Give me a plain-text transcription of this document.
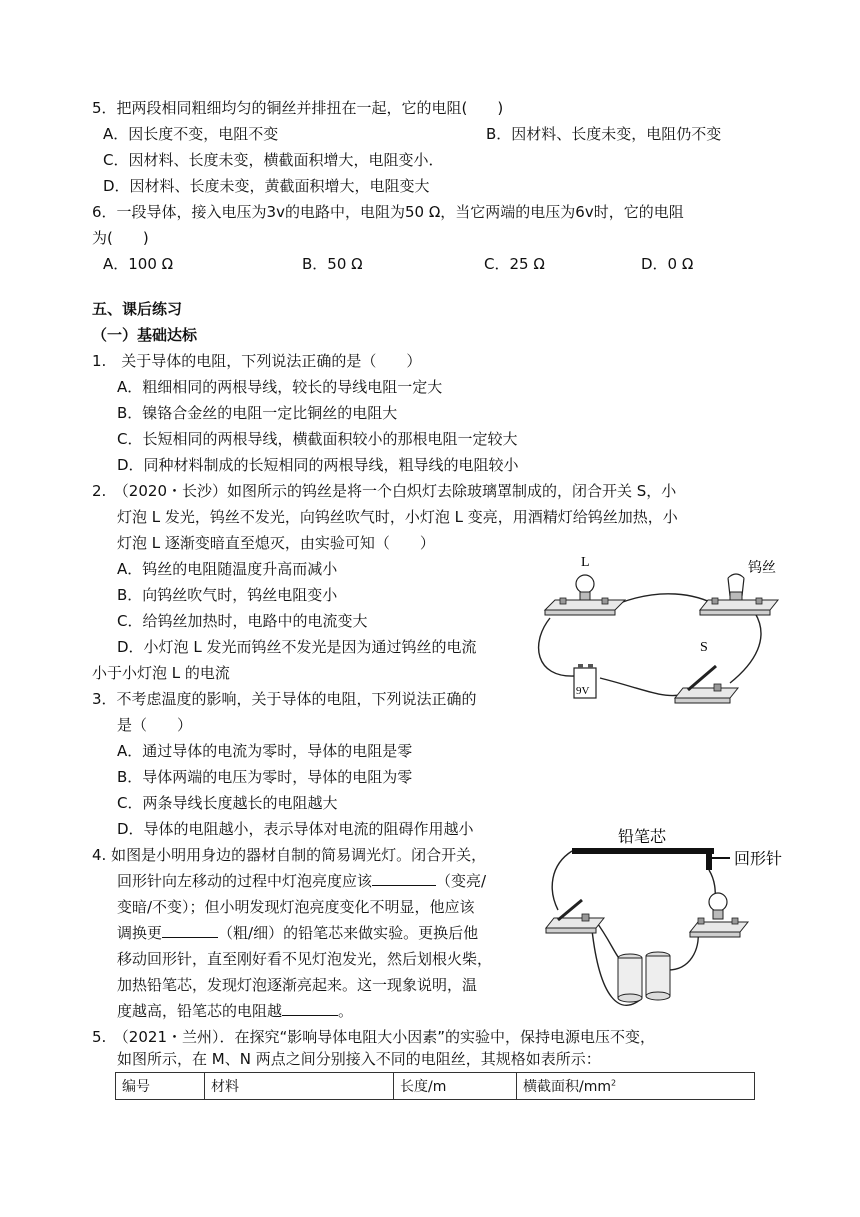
5．把两段相同粗细均匀的铜丝并排扭在一起，它的电阻(　　)
A．因长度不变，电阻不变	B．因材料、长度未变，电阻仍不变
C．因材料、长度未变，横截面积增大，电阻变小．
D．因材料、长度未变，黄截面积增大，电阻变大
6．一段导体，接入电压为3v的电路中，电阻为50 Ω，当它两端的电压为6v时，它的电阻
为(　　)
A．100 Ω	B．50 Ω	C．25 Ω	D．0 Ω
五、课后练习
（一）基础达标
1.　关于导体的电阻，下列说法正确的是（　　）
A．粗细相同的两根导线，较长的导线电阻一定大
B．镍铬合金丝的电阻一定比铜丝的电阻大
C．长短相同的两根导线，横截面积较小的那根电阻一定较大
D．同种材料制成的长短相同的两根导线，粗导线的电阻较小
2.　（2020・长沙）如图所示的钨丝是将一个白炽灯去除玻璃罩制成的，闭合开关 S，小
灯泡 L 发光，钨丝不发光，向钨丝吹气时，小灯泡 L 变亮，用酒精灯给钨丝加热，小
灯泡 L 逐渐变暗直至熄灭，由实验可知（　　）
A．钨丝的电阻随温度升高而减小
B．向钨丝吹气时，钨丝电阻变小
C．给钨丝加热时，电路中的电流变大
D．小灯泡 L 发光而钨丝不发光是因为通过钨丝的电流
小于小灯泡 L 的电流
L	钨丝
S
9V
3．不考虑温度的影响，关于导体的电阻，下列说法正确的
是（　　）
A．通过导体的电流为零时，导体的电阻是零
B．导体两端的电压为零时，导体的电阻为零
C．两条导线长度越长的电阻越大
D．导体的电阻越小，表示导体对电流的阻碍作用越小
4. 如图是小明用身边的器材自制的简易调光灯。闭合开关，
回形针向左移动的过程中灯泡亮度应该	（变亮/
变暗/不变）；但小明发现灯泡亮度变化不明显，他应该
调换更	（粗/细）的铅笔芯来做实验。更换后他
移动回形针，直至刚好看不见灯泡发光，然后划根火柴，
加热铅笔芯，发现灯泡逐渐亮起来。这一现象说明，温
度越高，铅笔芯的电阻越	。
铅笔芯
回形针
5.　（2021・兰州）．在探究“影响导体电阻大小因素”的实验中，保持电源电压不变，
如图所示，在 M、N 两点之间分别接入不同的电阻丝，其规格如表所示：
编号	材料	长度/m	横截面积$/mm^2$
